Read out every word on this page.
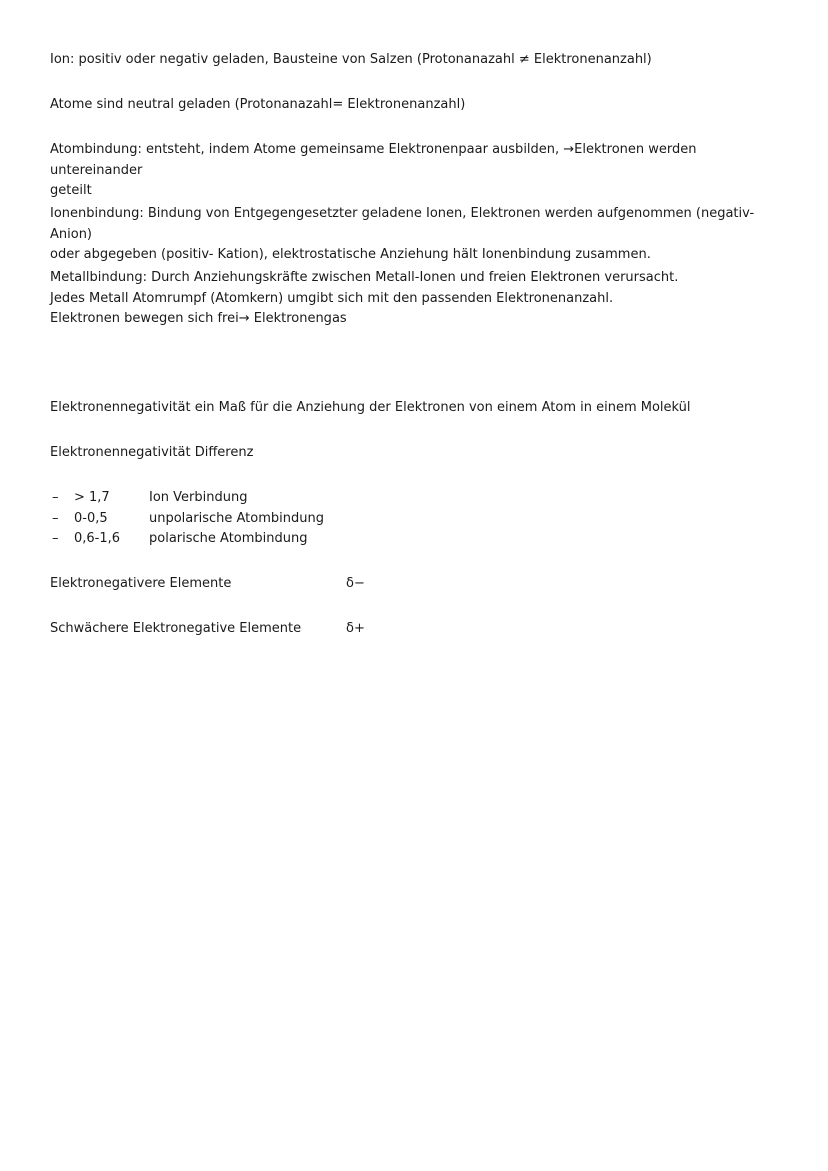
Ion: positiv oder negativ geladen, Bausteine von Salzen (Protonanazahl ≠ Elektronenanzahl)

Atome sind neutral geladen (Protonanazahl= Elektronenanzahl)

Atombindung: entsteht, indem Atome gemeinsame Elektronenpaar ausbilden, →Elektronen werden untereinander
geteilt

Ionenbindung: Bindung von Entgegengesetzter geladene Ionen, Elektronen werden aufgenommen (negativ-Anion)
oder abgegeben (positiv- Kation), elektrostatische Anziehung hält Ionenbindung zusammen.

Metallbindung: Durch Anziehungskräfte zwischen Metall-Ionen und freien Elektronen verursacht.
Jedes Metall Atomrumpf (Atomkern) umgibt sich mit den passenden Elektronenanzahl.
Elektronen bewegen sich frei→ Elektronengas

Elektronennegativität ein Maß für die Anziehung der Elektronen von einem Atom in einem Molekül

Elektronennegativität Differenz

– > 1,7	Ion Verbindung
– 0-0,5	unpolarische Atombindung
– 0,6-1,6 polarische Atombindung
Elektronegativere Elemente	δ−
Schwächere Elektronegative Elemente	δ+
